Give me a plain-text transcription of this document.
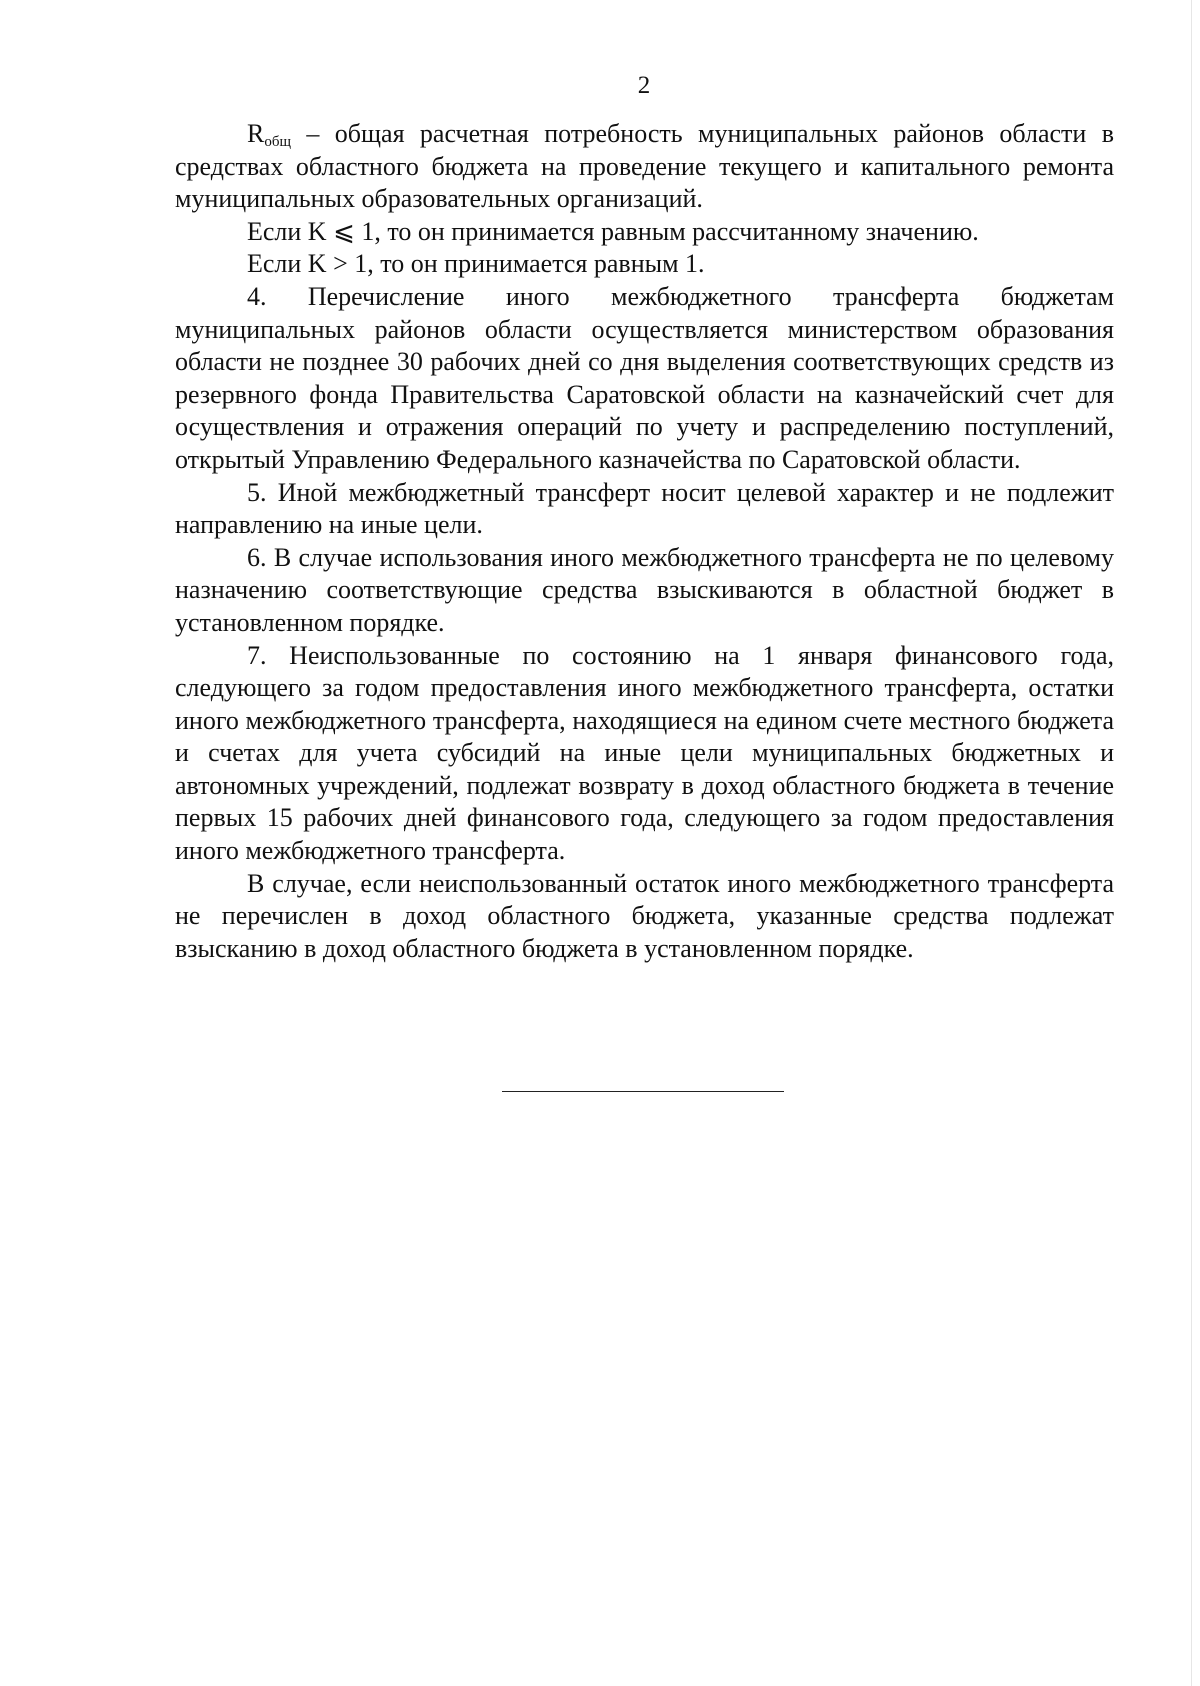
2

$R_{общ}$ – общая расчетная потребность муниципальных районов области в средствах областного бюджета на проведение текущего и капитального ремонта муниципальных образовательных организаций.

Если K ⩽ 1, то он принимается равным рассчитанному значению.

Если K > 1, то он принимается равным 1.

4. Перечисление иного межбюджетного трансферта бюджетам муниципальных районов области осуществляется министерством образования области не позднее 30 рабочих дней со дня выделения соответствующих средств из резервного фонда Правительства Саратовской области на казначейский счет для осуществления и отражения операций по учету и распределению поступлений, открытый Управлению Федерального казначейства по Саратовской области.

5. Иной межбюджетный трансферт носит целевой характер и не подлежит направлению на иные цели.

6. В случае использования иного межбюджетного трансферта не по целевому назначению соответствующие средства взыскиваются в областной бюджет в установленном порядке.

7. Неиспользованные по состоянию на 1 января финансового года, следующего за годом предоставления иного межбюджетного трансферта, остатки иного межбюджетного трансферта, находящиеся на едином счете местного бюджета и счетах для учета субсидий на иные цели муниципальных бюджетных и автономных учреждений, подлежат возврату в доход областного бюджета в течение первых 15 рабочих дней финансового года, следующего за годом предоставления иного межбюджетного трансферта.

В случае, если неиспользованный остаток иного межбюджетного трансферта не перечислен в доход областного бюджета, указанные средства подлежат взысканию в доход областного бюджета в установленном порядке.
